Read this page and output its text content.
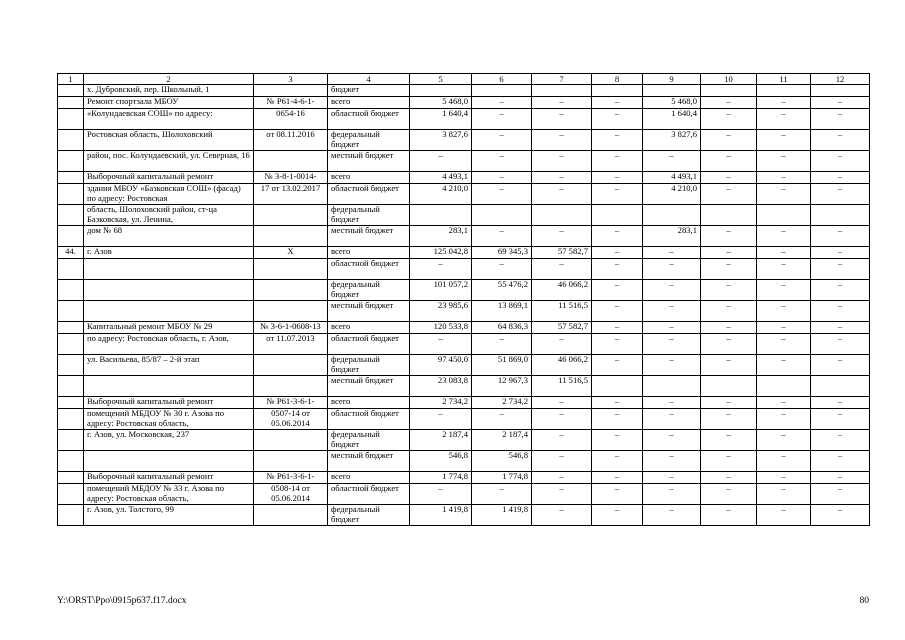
1	2	3	4	5	6	7	8	9	10	11	12
	х. Дубровский, пер. Школьный, 1		бюджет								
	Ремонт спортзала МБОУ	№ Р61-4-6-1-	всего	5 468,0	–	–	–	5 468,0	–	–	–
	«Колундаевская СОШ» по адресу:	0654-16	областной бюджет	1 640,4	–	–	–	1 640,4	–	–	–
	Ростовская область, Шолоховский	от 08.11.2016	федеральный бюджет	3 827,6	–	–	–	3 827,6	–	–	–
	район, пос. Колундаевский, ул. Северная, 16		местный бюджет	–	–	–	–	–	–	–	–
	Выборочный капитальный ремонт	№ 3-8-1-0014-	всего	4 493,1	–	–	–	4 493,1	–	–	–
	здания МБОУ «Базковская СОШ» (фасад) по адресу: Ростовская	17 от 13.02.2017	областной бюджет	4 210,0	–	–	–	4 210,0	–	–	–
	область, Шолоховский район, ст-ца Базковская, ул. Ленина,		федеральный бюджет								
	дом № 68		местный бюджет	283,1	–	–	–	283,1	–	–	–
44.	г. Азов	Х	всего	125 042,8	69 345,3	57 582,7	–	–	–	–	–
			областной бюджет	–	–	–	–	–	–	–	–
			федеральный бюджет	101 057,2	55 476,2	46 066,2	–	–	–	–	–
			местный бюджет	23 985,6	13 869,1	11 516,5	–	–	–	–	–
	Капитальный ремонт МБОУ № 29	№ 3-6-1-0608-13	всего	120 533,8	64 836,3	57 582,7	–	–	–	–	–
	по адресу: Ростовская область, г. Азов,	от 11.07.2013	областной бюджет	–	–	–	–	–	–	–	–
	ул. Васильева, 85/87 – 2-й этап		федеральный бюджет	97 450,0	51 869,0	46 066,2	–	–	–	–	–
			местный бюджет	23 083,8	12 967,3	11 516,5					
	Выборочный капитальный ремонт	№ Р61-3-6-1-	всего	2 734,2	2 734,2	–	–	–	–	–	–
	помещений МБДОУ № 30 г. Азова по адресу: Ростовская область,	0507-14 от 05.06.2014	областной бюджет	–	–	–	–	–	–	–	–
	г. Азов, ул. Московская, 237		федеральный бюджет	2 187,4	2 187,4	–	–	–	–	–	–
			местный бюджет	546,8	546,8	–	–	–	–	–	–
	Выборочный капитальный ремонт	№ Р61-3-6-1-	всего	1 774,8	1 774,8	–	–	–	–	–	–
	помещений МБДОУ № 33 г. Азова по адресу: Ростовская область,	0508-14 от 05.06.2014	областной бюджет	–	–	–	–	–	–	–	–
	г. Азов, ул. Толстого, 99		федеральный бюджет	1 419,8	1 419,8	–	–	–	–	–	–
Y:\ORST\Ppo\0915p637.f17.docx	80
